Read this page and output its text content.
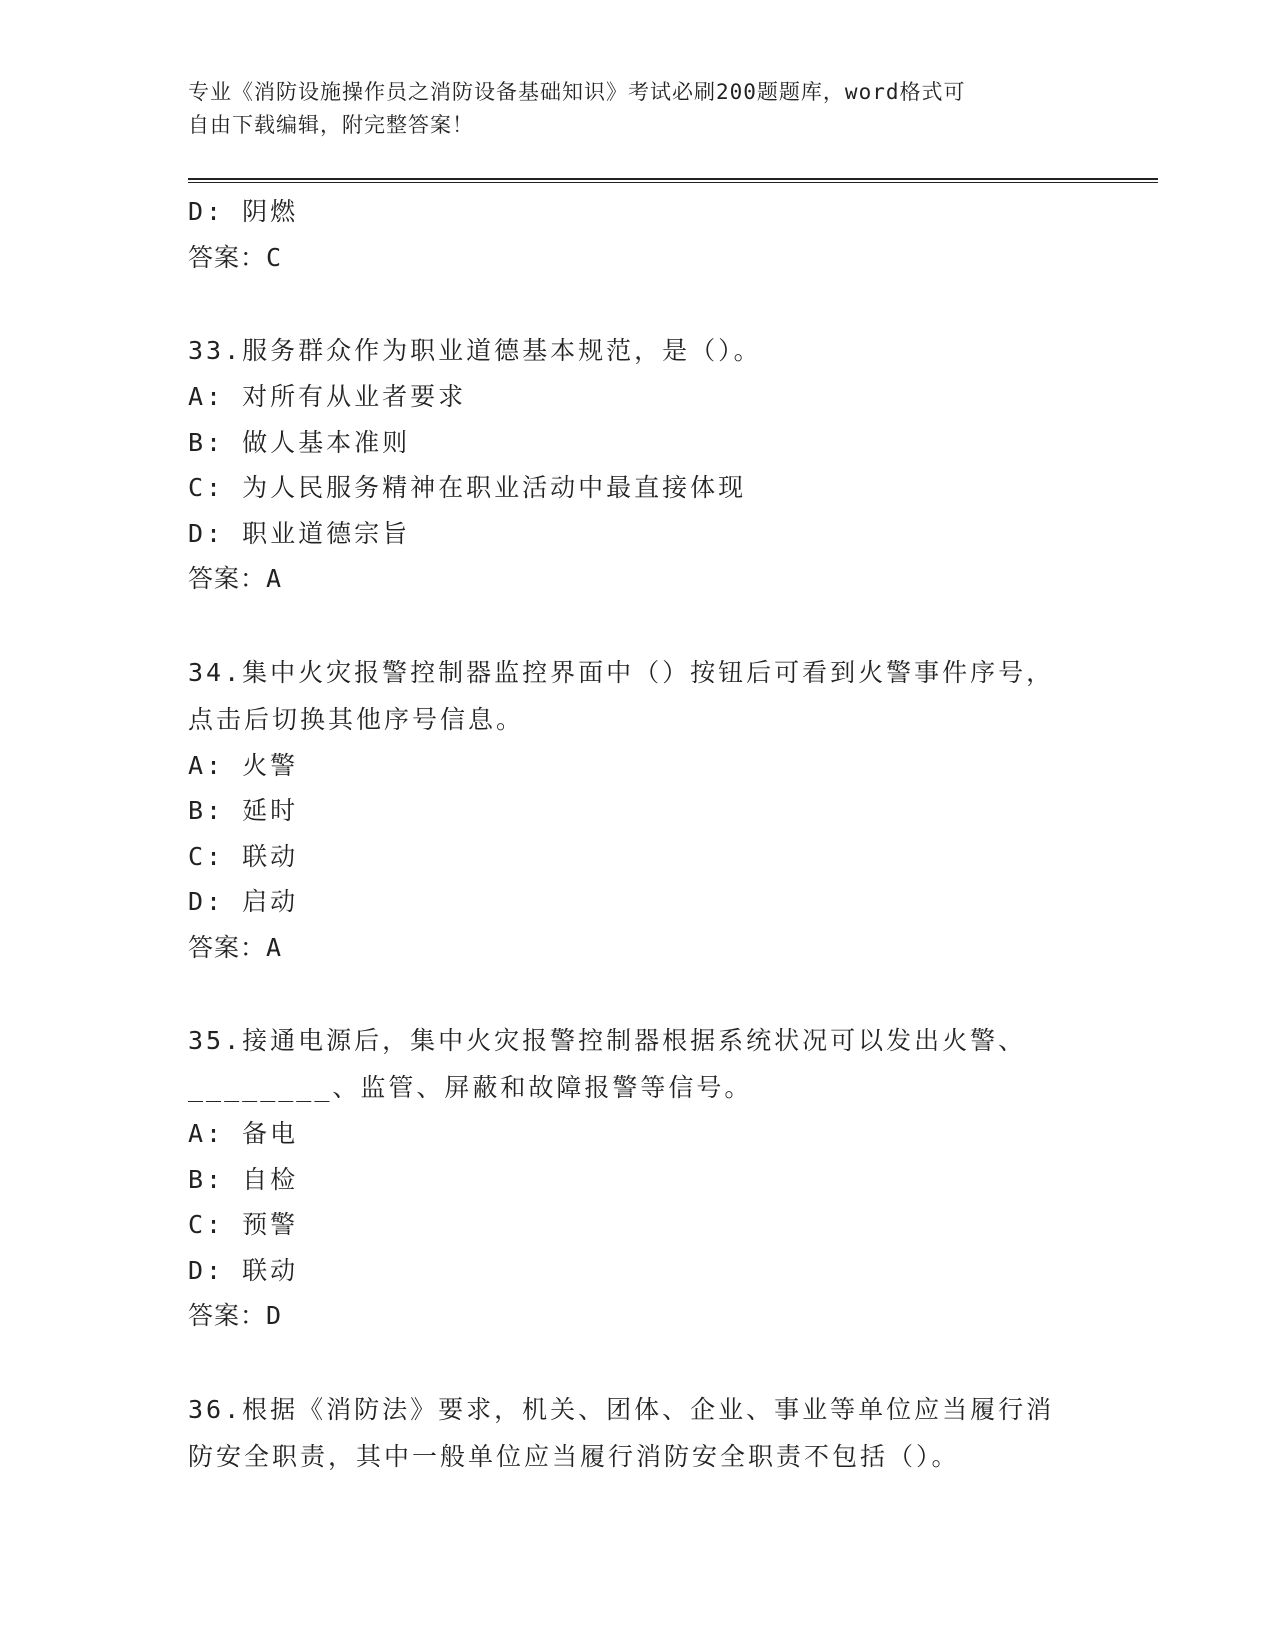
专业《消防设施操作员之消防设备基础知识》考试必刷200题题库，word格式可
自由下载编辑，附完整答案！
D: 阴燃
答案：C
33.服务群众作为职业道德基本规范，是（）。
A: 对所有从业者要求
B: 做人基本准则
C: 为人民服务精神在职业活动中最直接体现
D: 职业道德宗旨
答案：A
34.集中火灾报警控制器监控界面中（）按钮后可看到火警事件序号，
点击后切换其他序号信息。
A: 火警
B: 延时
C: 联动
D: 启动
答案：A
35.接通电源后，集中火灾报警控制器根据系统状况可以发出火警、
________、监管、屏蔽和故障报警等信号。
A: 备电
B: 自检
C: 预警
D: 联动
答案：D
36.根据《消防法》要求，机关、团体、企业、事业等单位应当履行消
防安全职责，其中一般单位应当履行消防安全职责不包括（）。
